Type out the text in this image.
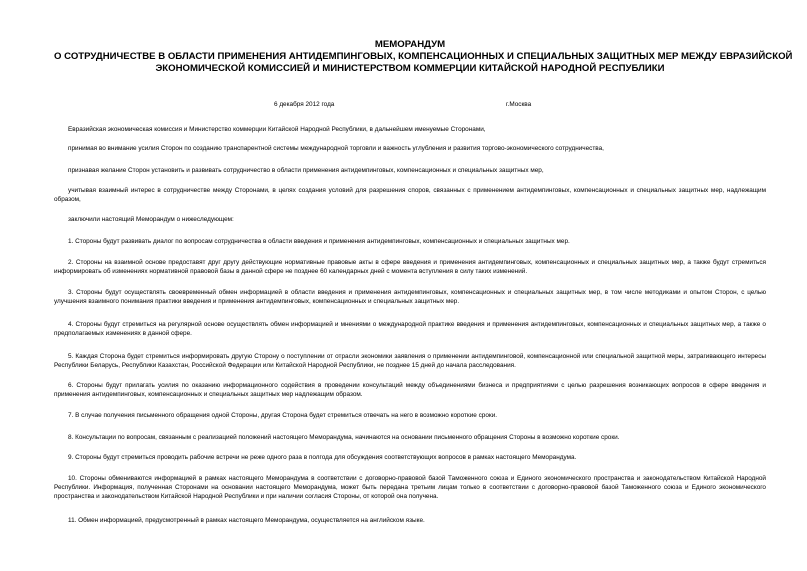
МЕМОРАНДУМ
О СОТРУДНИЧЕСТВЕ В ОБЛАСТИ ПРИМЕНЕНИЯ АНТИДЕМПИНГОВЫХ, КОМПЕНСАЦИОННЫХ И СПЕЦИАЛЬНЫХ ЗАЩИТНЫХ МЕР МЕЖДУ ЕВРАЗИЙСКОЙ
ЭКОНОМИЧЕСКОЙ КОМИССИЕЙ И МИНИСТЕРСТВОМ КОММЕРЦИИ КИТАЙСКОЙ НАРОДНОЙ РЕСПУБЛИКИ
6 декабря 2012 года	г.Москва

Евразийская экономическая комиссия и Министерство коммерции Китайской Народной Республики, в дальнейшем именуемые Сторонами,

принимая во внимание усилия Сторон по созданию транспарентной системы международной торговли и важность углубления и развития торгово-экономического сотрудничества,

признавая желание Сторон установить и развивать сотрудничество в области применения антидемпинговых, компенсационных и специальных защитных мер,

учитывая взаимный интерес в сотрудничестве между Сторонами, в целях создания условий для разрешения споров, связанных с применением антидемпинговых, компенсационных и специальных защитных мер, надлежащим образом,

заключили настоящий Меморандум о нижеследующем:

1. Стороны будут развивать диалог по вопросам сотрудничества в области введения и применения антидемпинговых, компенсационных и специальных защитных мер.

2. Стороны на взаимной основе предоставят друг другу действующие нормативные правовые акты в сфере введения и применения антидемпинговых, компенсационных и специальных защитных мер, а также будут стремиться информировать об изменениях нормативной правовой базы в данной сфере не позднее 60 календарных дней с момента вступления в силу таких изменений.

3. Стороны будут осуществлять своевременный обмен информацией в области введения и применения антидемпинговых, компенсационных и специальных защитных мер, в том числе методиками и опытом Сторон, с целью улучшения взаимного понимания практики введения и применения антидемпинговых, компенсационных и специальных защитных мер.

4. Стороны будут стремиться на регулярной основе осуществлять обмен информацией и мнениями о международной практике введения и применения антидемпинговых, компенсационных и специальных защитных мер, а также о предполагаемых изменениях в данной сфере.

5. Каждая Сторона будет стремиться информировать другую Сторону о поступлении от отрасли экономики заявления о применении антидемпинговой, компенсационной или специальной защитной меры, затрагивающего интересы Республики Беларусь, Республики Казахстан, Российской Федерации или Китайской Народной Республики, не позднее 15 дней до начала расследования.

6. Стороны будут прилагать усилия по оказанию информационного содействия в проведении консультаций между объединениями бизнеса и предприятиями с целью разрешения возникающих вопросов в сфере введения и применения антидемпинговых, компенсационных и специальных защитных мер надлежащим образом.

7. В случае получения письменного обращения одной Стороны, другая Сторона будет стремиться отвечать на него в возможно короткие сроки.

8. Консультации по вопросам, связанным с реализацией положений настоящего Меморандума, начинаются на основании письменного обращения Стороны в возможно короткие сроки.

9. Стороны будут стремиться проводить рабочие встречи не реже одного раза в полгода для обсуждения соответствующих вопросов в рамках настоящего Меморандума.

10. Стороны обмениваются информацией в рамках настоящего Меморандума в соответствии с договорно-правовой базой Таможенного союза и Единого экономического пространства и законодательством Китайской Народной Республики. Информация, полученная Сторонами на основании настоящего Меморандума, может быть передана третьим лицам только в соответствии с договорно-правовой базой Таможенного союза и Единого экономического пространства и законодательством Китайской Народной Республики и при наличии согласия Стороны, от которой она получена.

11. Обмен информацией, предусмотренный в рамках настоящего Меморандума, осуществляется на английском языке.
